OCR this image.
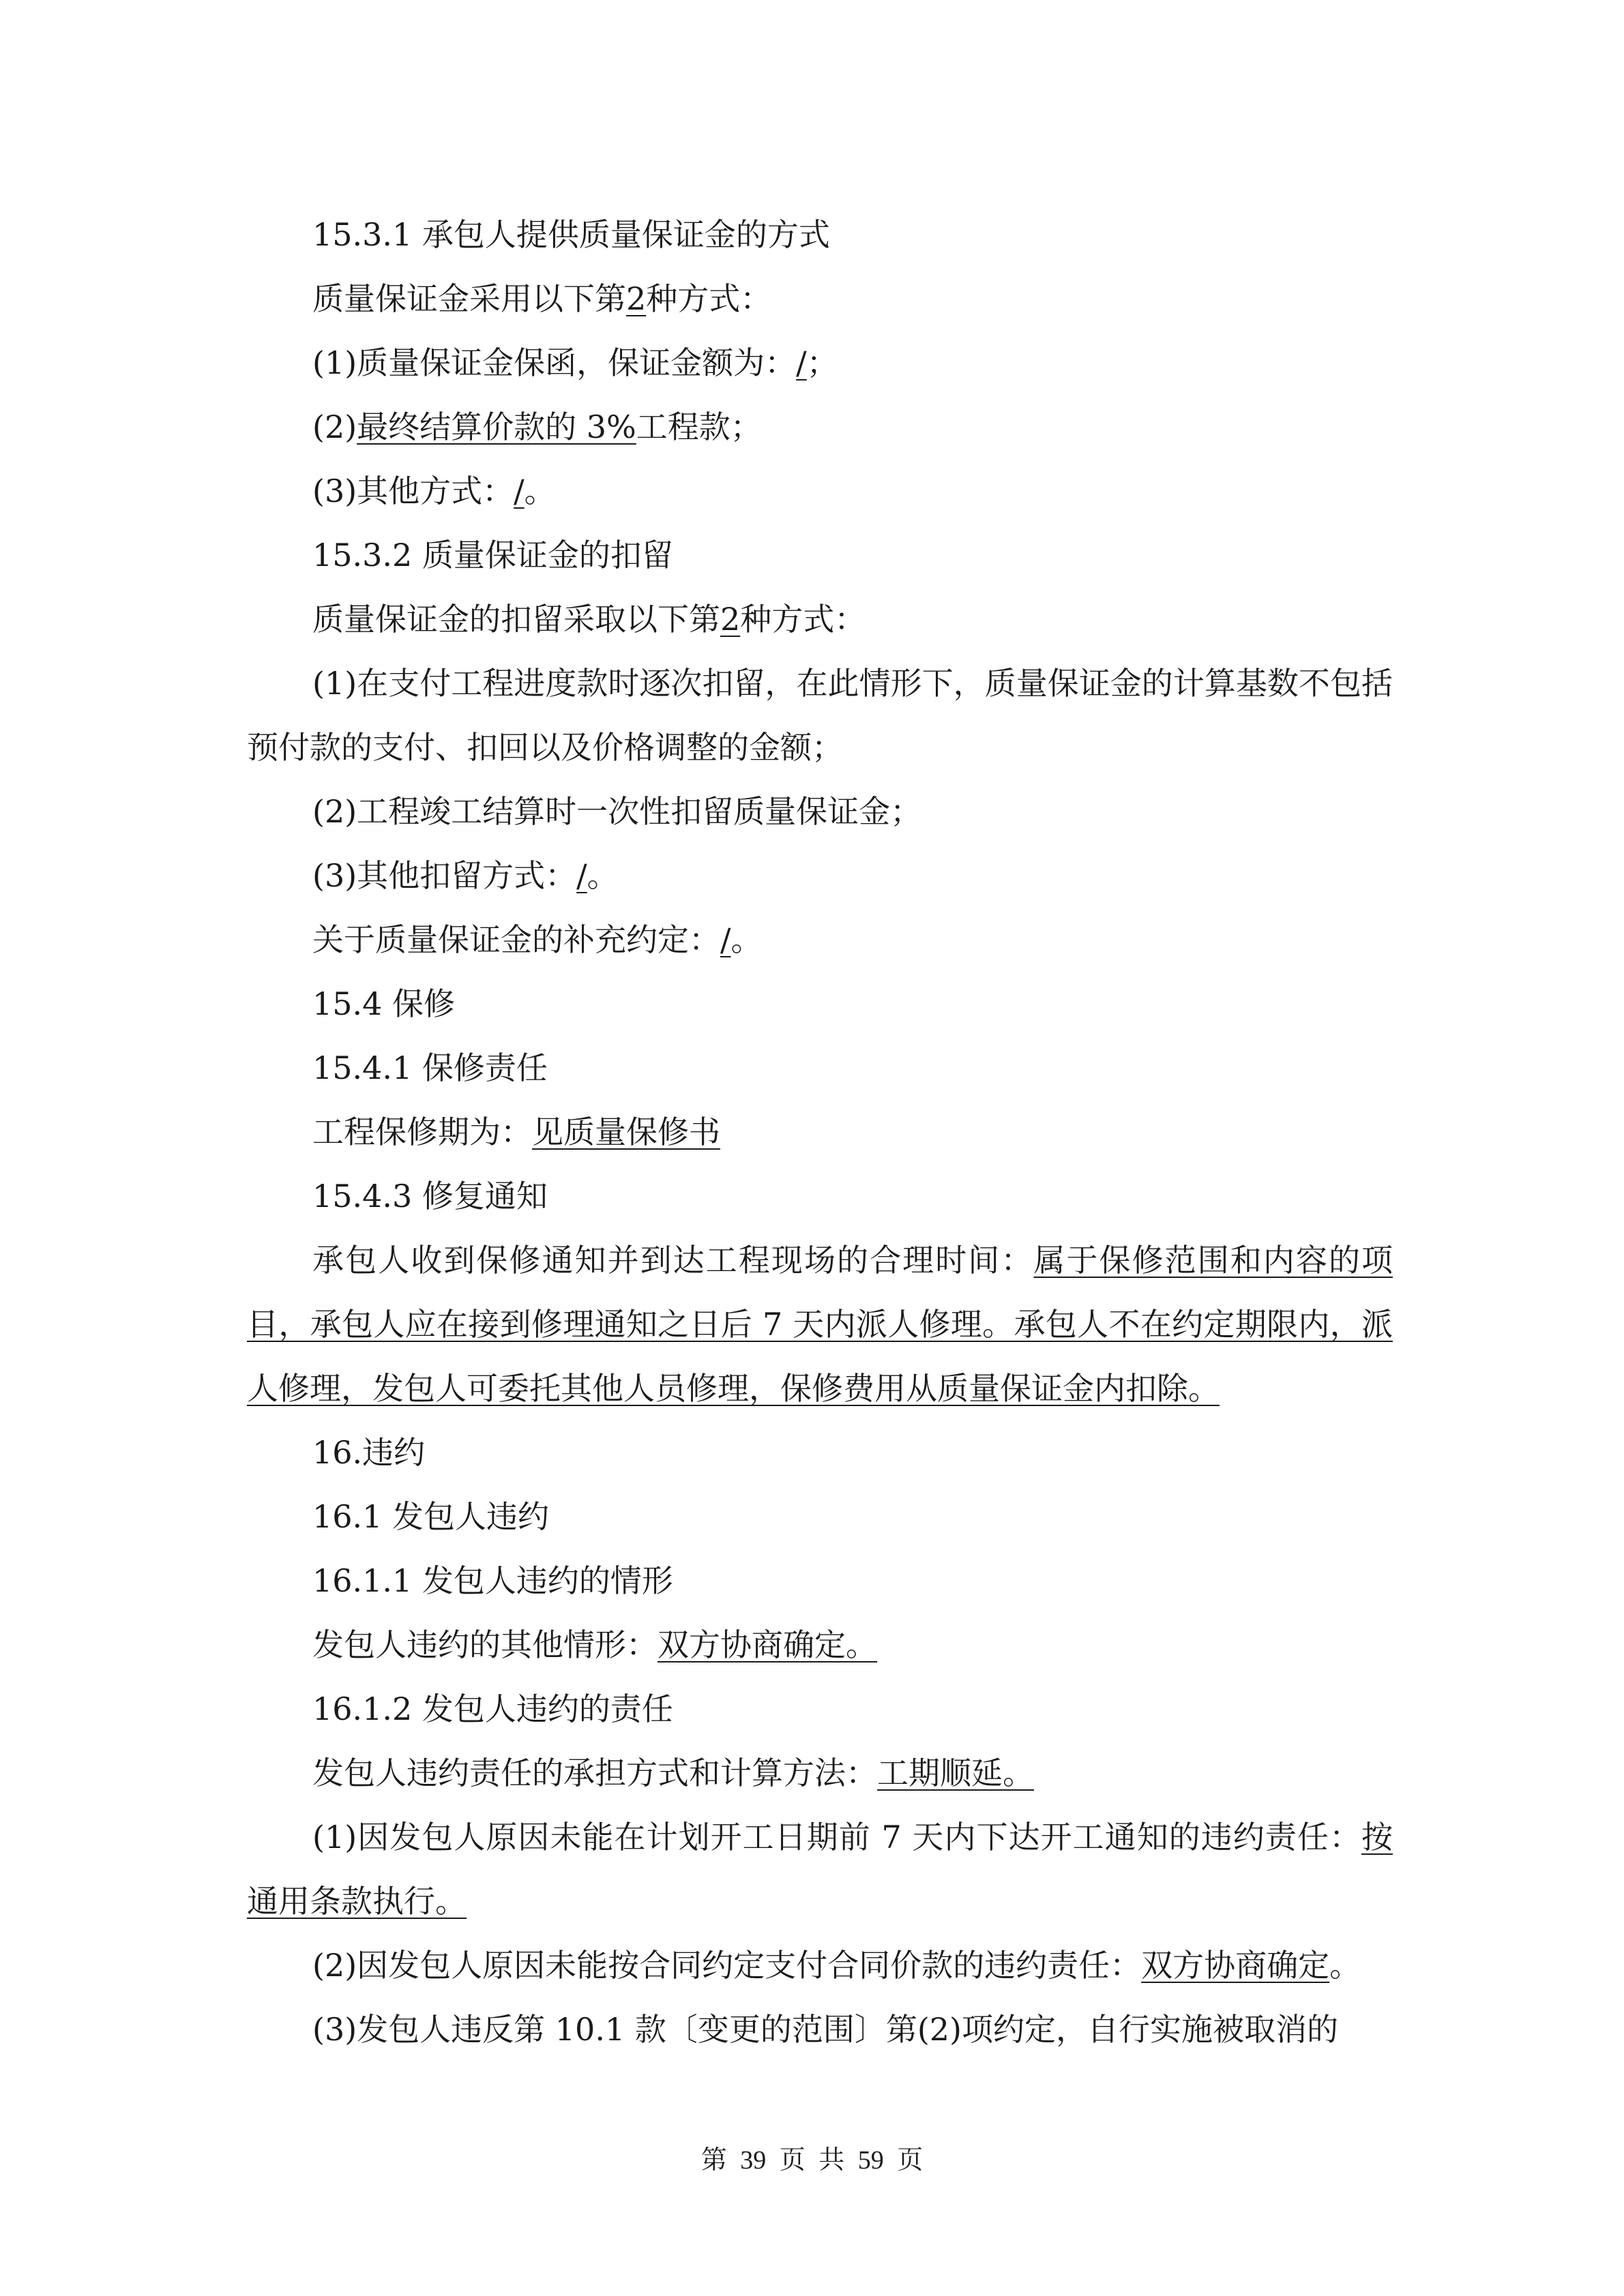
15.3.1 承包人提供质量保证金的方式
质量保证金采用以下第2种方式：
(1)质量保证金保函，保证金额为：/；
(2)最终结算价款的 3%工程款；
(3)其他方式：/。
15.3.2 质量保证金的扣留
质量保证金的扣留采取以下第2种方式：
(1)在支付工程进度款时逐次扣留，在此情形下，质量保证金的计算基数不包括预付款的支付、扣回以及价格调整的金额；
(2)工程竣工结算时一次性扣留质量保证金；
(3)其他扣留方式：/。
关于质量保证金的补充约定：/。
15.4 保修
15.4.1 保修责任
工程保修期为：见质量保修书
15.4.3 修复通知
承包人收到保修通知并到达工程现场的合理时间：属于保修范围和内容的项目，承包人应在接到修理通知之日后 7 天内派人修理。承包人不在约定期限内，派人修理，发包人可委托其他人员修理，保修费用从质量保证金内扣除。
16.违约
16.1 发包人违约
16.1.1 发包人违约的情形
发包人违约的其他情形：双方协商确定。
16.1.2 发包人违约的责任
发包人违约责任的承担方式和计算方法：工期顺延。
(1)因发包人原因未能在计划开工日期前 7 天内下达开工通知的违约责任：按通用条款执行。
(2)因发包人原因未能按合同约定支付合同价款的违约责任：双方协商确定。
(3)发包人违反第 10.1 款〔变更的范围〕第(2)项约定，自行实施被取消的
第 39 页 共 59 页
